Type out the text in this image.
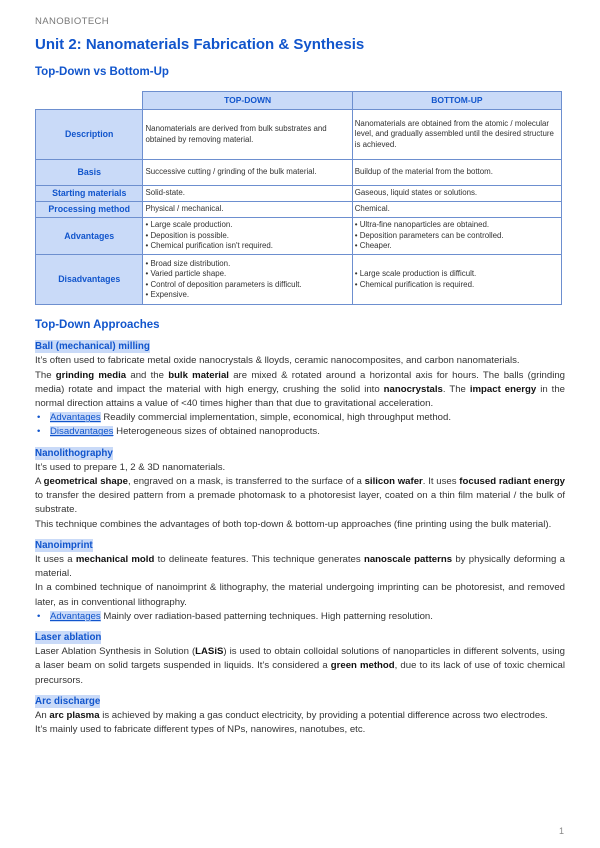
NANOBIOTECH
Unit 2: Nanomaterials Fabrication & Synthesis
Top-Down vs Bottom-Up
	TOP-DOWN	BOTTOM-UP
Description	Nanomaterials are derived from bulk substrates and obtained by removing material.	Nanomaterials are obtained from the atomic / molecular level, and gradually assembled until the desired structure is achieved.

Basis	Successive cutting / grinding of the bulk material.	Buildup of the material from the bottom.

Starting materials	Solid-state.	Gaseous, liquid states or solutions.

Processing method	Physical / mechanical.	Chemical.

Advantages	• Large scale production.
• Deposition is possible.
• Chemical purification isn't required.	• Ultra-fine nanoparticles are obtained.
• Deposition parameters can be controlled.
• Cheaper.

Disadvantages	• Broad size distribution.
• Varied particle shape.
• Control of deposition parameters is difficult.
• Expensive.	• Large scale production is difficult.
• Chemical purification is required.
Top-Down Approaches
Ball (mechanical) milling

It’s often used to fabricate metal oxide nanocrystals & lloyds, ceramic nanocomposites, and carbon nanomaterials.

The grinding media and the bulk material are mixed & rotated around a horizontal axis for hours. The balls (grinding media) rotate and impact the material with high energy, crushing the solid into nanocrystals. The impact energy in the normal direction attains a value of <40 times higher than that due to gravitational acceleration.

• Advantages Readily commercial implementation, simple, economical, high throughput method.
• Disadvantages Heterogeneous sizes of obtained nanoproducts.
Nanolithography

It’s used to prepare 1, 2 & 3D nanomaterials.

A geometrical shape, engraved on a mask, is transferred to the surface of a silicon wafer. It uses focused radiant energy to transfer the desired pattern from a premade photomask to a photoresist layer, coated on a thin film material / the bulk of substrate.

This technique combines the advantages of both top-down & bottom-up approaches (fine printing using the bulk material).

Nanoimprint

It uses a mechanical mold to delineate features. This technique generates nanoscale patterns by physically deforming a material.

In a combined technique of nanoimprint & lithography, the material undergoing imprinting can be photoresist, and removed later, as in conventional lithography.

• Advantages Mainly over radiation-based patterning techniques. High patterning resolution.
Laser ablation

Laser Ablation Synthesis in Solution (LASiS) is used to obtain colloidal solutions of nanoparticles in different solvents, using a laser beam on solid targets suspended in liquids. It’s considered a green method, due to its lack of use of toxic chemical precursors.

Arc discharge

An arc plasma is achieved by making a gas conduct electricity, by providing a potential difference across two electrodes.

It’s mainly used to fabricate different types of NPs, nanowires, nanotubes, etc.

1
